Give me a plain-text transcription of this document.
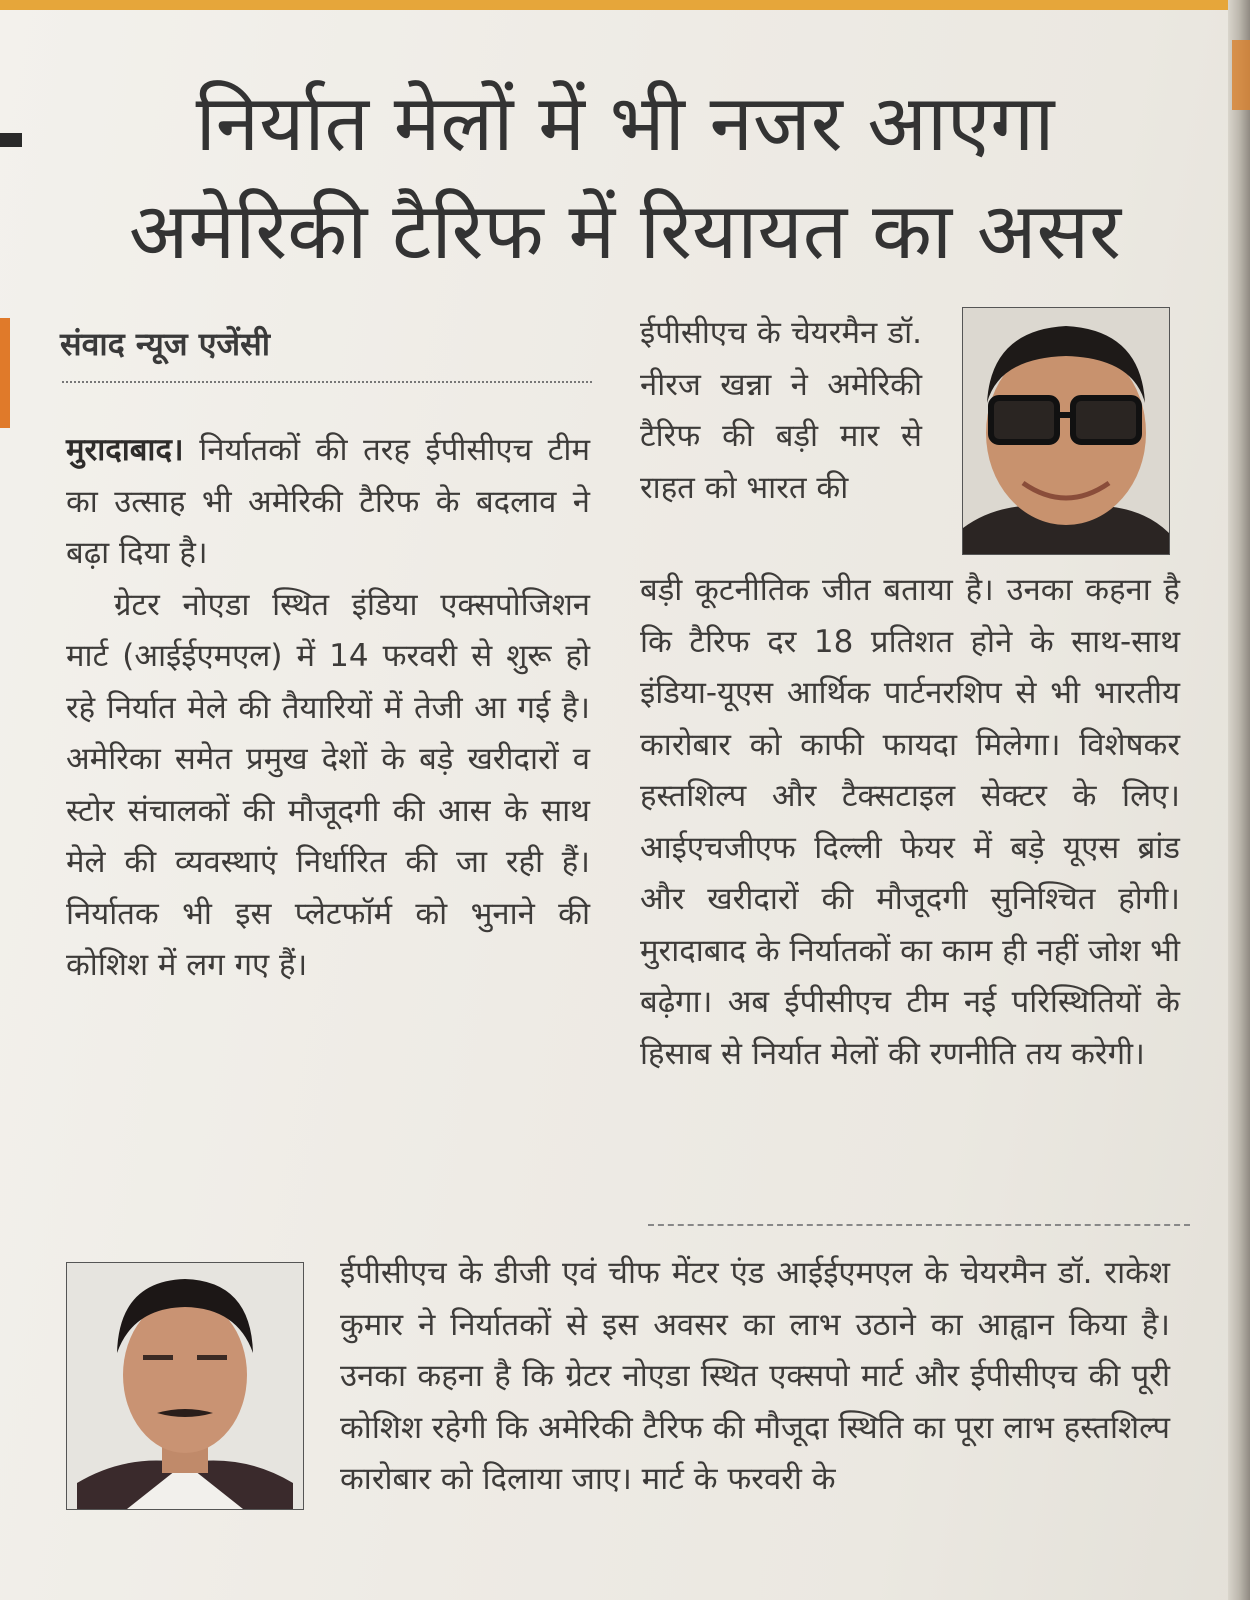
निर्यात मेलों में भी नजर आएगा
अमेरिकी टैरिफ में रियायत का असर
संवाद न्यूज एजेंसी

मुरादाबाद। निर्यातकों की तरह ईपीसीएच टीम का उत्साह भी अमेरिकी टैरिफ के बदलाव ने बढ़ा दिया है।

ग्रेटर नोएडा स्थित इंडिया एक्सपोजिशन मार्ट (आईईएमएल) में 14 फरवरी से शुरू हो रहे निर्यात मेले की तैयारियों में तेजी आ गई है। अमेरिका समेत प्रमुख देशों के बड़े खरीदारों व स्टोर संचालकों की मौजूदगी की आस के साथ मेले की व्यवस्थाएं निर्धारित की जा रही हैं। निर्यातक भी इस प्लेटफॉर्म को भुनाने की कोशिश में लग गए हैं।

ईपीसीएच के चेयरमैन डॉ. नीरज खन्ना ने अमेरिकी टैरिफ की बड़ी मार से राहत को भारत की
बड़ी कूटनीतिक जीत बताया है। उनका कहना है कि टैरिफ दर 18 प्रतिशत होने के साथ-साथ इंडिया-यूएस आर्थिक पार्टनरशिप से भी भारतीय कारोबार को काफी फायदा मिलेगा। विशेषकर हस्तशिल्प और टैक्सटाइल सेक्टर के लिए। आईएचजीएफ दिल्ली फेयर में बड़े यूएस ब्रांड और खरीदारों की मौजूदगी सुनिश्चित होगी। मुरादाबाद के निर्यातकों का काम ही नहीं जोश भी बढ़ेगा। अब ईपीसीएच टीम नई परिस्थितियों के हिसाब से निर्यात मेलों की रणनीति तय करेगी।
ईपीसीएच के डीजी एवं चीफ मेंटर एंड आईईएमएल के चेयरमैन डॉ. राकेश कुमार ने निर्यातकों से इस अवसर का लाभ उठाने का आह्वान किया है। उनका कहना है कि ग्रेटर नोएडा स्थित एक्सपो मार्ट और ईपीसीएच की पूरी कोशिश रहेगी कि अमेरिकी टैरिफ की मौजूदा स्थिति का पूरा लाभ हस्तशिल्प कारोबार को दिलाया जाए। मार्ट के फरवरी के
